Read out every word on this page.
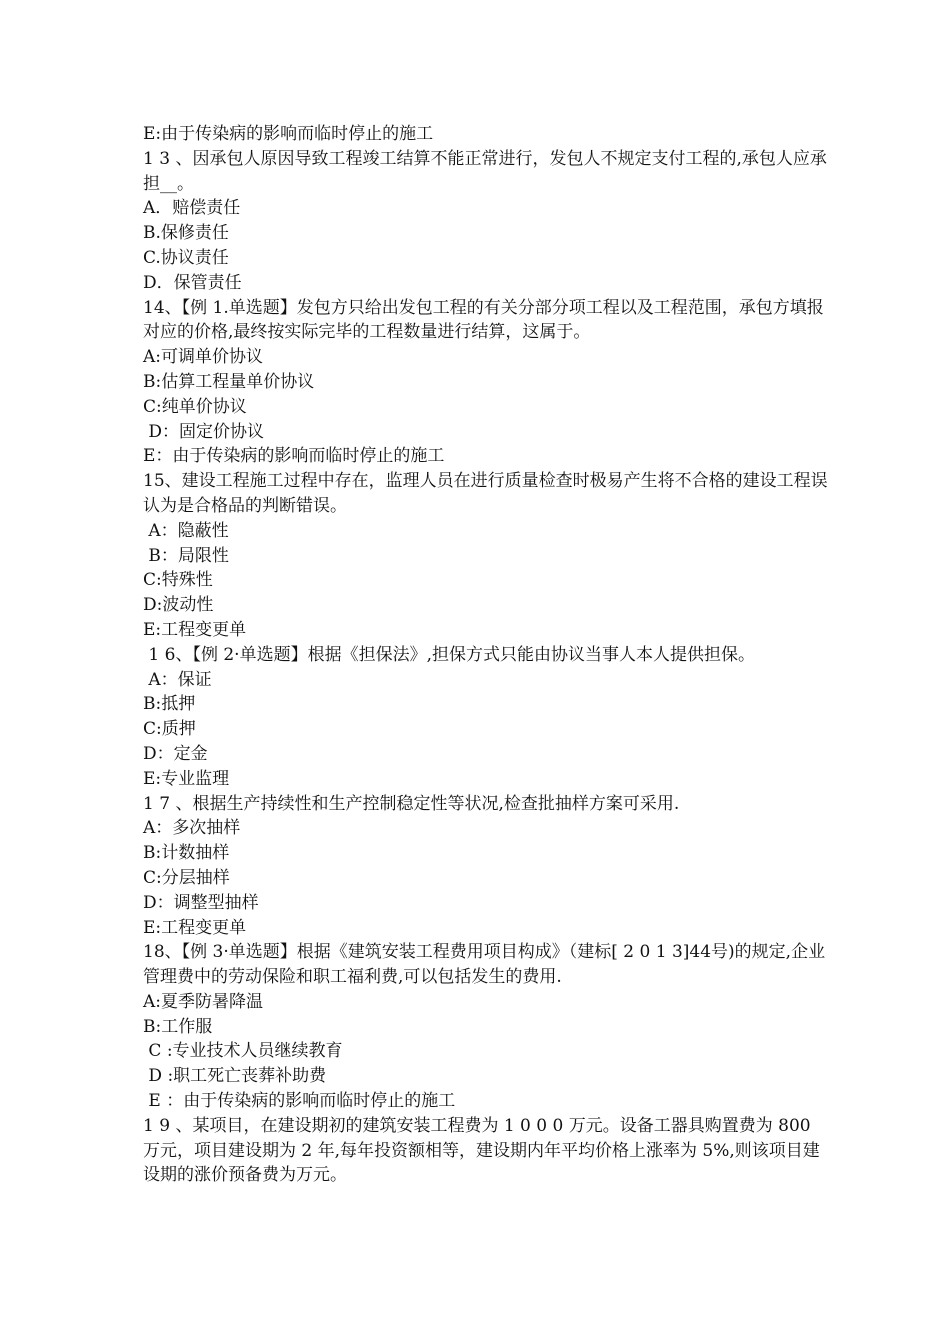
E:由于传染病的影响而临时停止的施工

1 3 、因承包人原因导致工程竣工结算不能正常进行，发包人不规定支付工程的,承包人应承担__。

A．赔偿责任

B.保修责任

C.协议责任

D．保管责任

14、【例 1.单选题】发包方只给出发包工程的有关分部分项工程以及工程范围，承包方填报对应的价格,最终按实际完毕的工程数量进行结算，这属于。

A:可调单价协议

B:估算工程量单价协议

C:纯单价协议

D：固定价协议

E：由于传染病的影响而临时停止的施工

15、建设工程施工过程中存在，监理人员在进行质量检查时极易产生将不合格的建设工程误认为是合格品的判断错误。

A：隐蔽性

B：局限性

C:特殊性

D:波动性

E:工程变更单

1 6、【例 2·单选题】根据《担保法》,担保方式只能由协议当事人本人提供担保。

A：保证

B:抵押

C:质押

D：定金

E:专业监理

1 7 、根据生产持续性和生产控制稳定性等状况,检查批抽样方案可采用.

A：多次抽样

B:计数抽样

C:分层抽样

D：调整型抽样

E:工程变更单

18、【例 3·单选题】根据《建筑安装工程费用项目构成》（建标[ 2 0 1 3]44号)的规定,企业管理费中的劳动保险和职工福利费,可以包括发生的费用.

A:夏季防暑降温

B:工作服

C :专业技术人员继续教育

D :职工死亡丧葬补助费

E ：由于传染病的影响而临时停止的施工

1 9 、某项目，在建设期初的建筑安装工程费为 1 0 0 0 万元。设备工器具购置费为 800 万元，项目建设期为 2 年,每年投资额相等，建设期内年平均价格上涨率为 5%,则该项目建设期的涨价预备费为万元。
